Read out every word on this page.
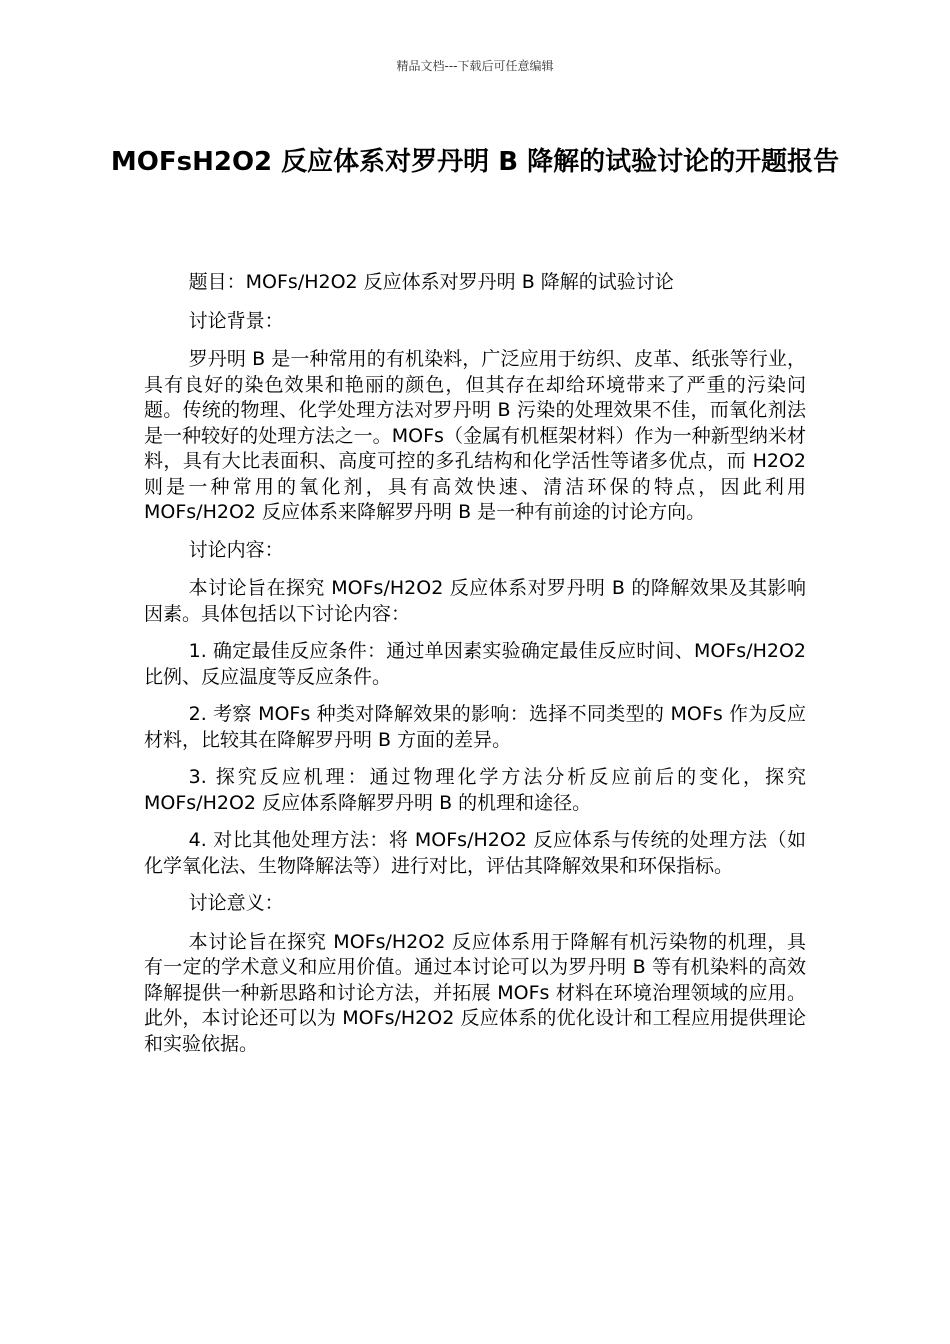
精品文档---下载后可任意编辑
MOFsH2O2 反应体系对罗丹明 B 降解的试验讨论的开题报告

题目：MOFs/H2O2 反应体系对罗丹明 B 降解的试验讨论

讨论背景：

罗丹明 B 是一种常用的有机染料，广泛应用于纺织、皮革、纸张等行业，具有良好的染色效果和艳丽的颜色，但其存在却给环境带来了严重的污染问题。传统的物理、化学处理方法对罗丹明 B 污染的处理效果不佳，而氧化剂法是一种较好的处理方法之一。MOFs（金属有机框架材料）作为一种新型纳米材料，具有大比表面积、高度可控的多孔结构和化学活性等诸多优点，而 H2O2 则是一种常用的氧化剂，具有高效快速、清洁环保的特点，因此利用 MOFs/H2O2 反应体系来降解罗丹明 B 是一种有前途的讨论方向。

讨论内容：

本讨论旨在探究 MOFs/H2O2 反应体系对罗丹明 B 的降解效果及其影响因素。具体包括以下讨论内容：

1. 确定最佳反应条件：通过单因素实验确定最佳反应时间、MOFs/H2O2 比例、反应温度等反应条件。

2. 考察 MOFs 种类对降解效果的影响：选择不同类型的 MOFs 作为反应材料，比较其在降解罗丹明 B 方面的差异。

3. 探究反应机理：通过物理化学方法分析反应前后的变化，探究 MOFs/H2O2 反应体系降解罗丹明 B 的机理和途径。

4. 对比其他处理方法：将 MOFs/H2O2 反应体系与传统的处理方法（如化学氧化法、生物降解法等）进行对比，评估其降解效果和环保指标。

讨论意义：

本讨论旨在探究 MOFs/H2O2 反应体系用于降解有机污染物的机理，具有一定的学术意义和应用价值。通过本讨论可以为罗丹明 B 等有机染料的高效降解提供一种新思路和讨论方法，并拓展 MOFs 材料在环境治理领域的应用。此外，本讨论还可以为 MOFs/H2O2 反应体系的优化设计和工程应用提供理论和实验依据。
